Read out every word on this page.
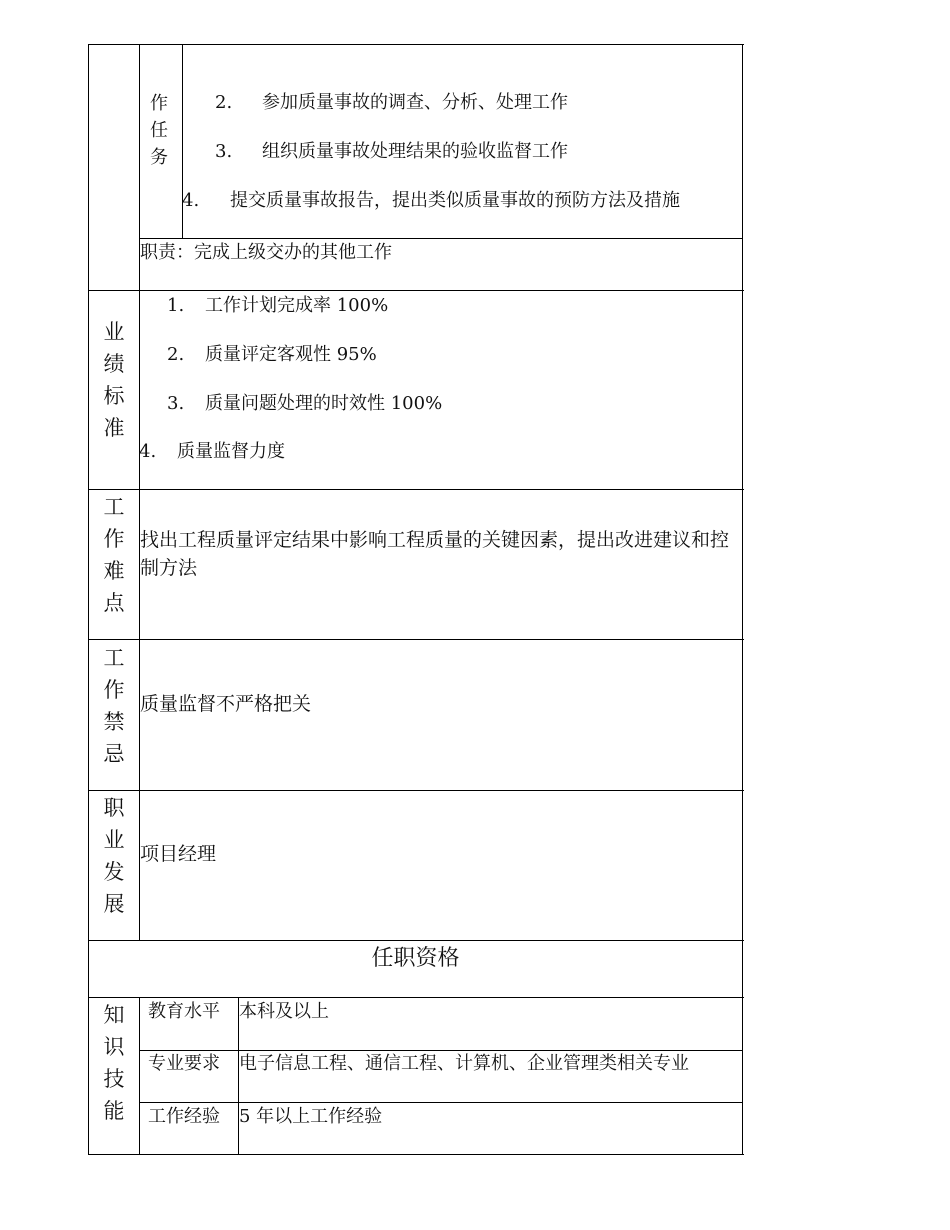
作
任
务
2. 参加质量事故的调查、分析、处理工作
3. 组织质量事故处理结果的验收监督工作
4. 提交质量事故报告，提出类似质量事故的预防方法及措施
职责：完成上级交办的其他工作
业
绩
标
准
1. 工作计划完成率 100%
2. 质量评定客观性 95%
3. 质量问题处理的时效性 100%
4. 质量监督力度
工
作
难
点
找出工程质量评定结果中影响工程质量的关键因素，提出改进建议和控制方法
工
作
禁
忌
质量监督不严格把关
职
业
发
展
项目经理
任职资格
知
识
技
能
教育水平 本科及以上
专业要求 电子信息工程、通信工程、计算机、企业管理类相关专业
工作经验 5 年以上工作经验
